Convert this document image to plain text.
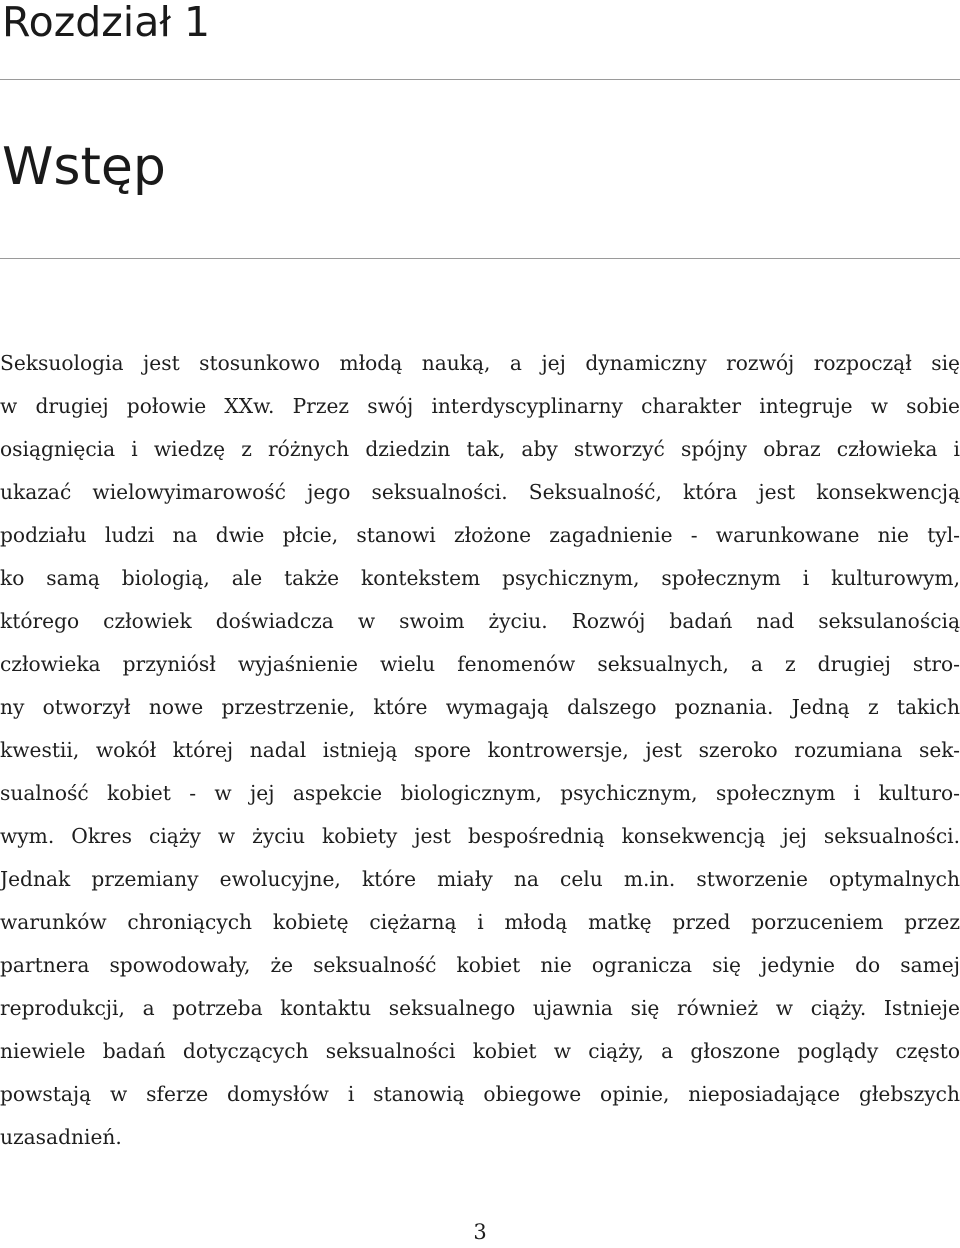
Rozdział 1
Wstęp
Seksuologia jest stosunkowo młodą nauką, a jej dynamiczny rozwój rozpoczął się
w drugiej połowie XXw. Przez swój interdyscyplinarny charakter integruje w sobie
osiągnięcia i wiedzę z różnych dziedzin tak, aby stworzyć spójny obraz człowieka i
ukazać wielowyimarowość jego seksualności. Seksualność, która jest konsekwencją
podziału ludzi na dwie płcie, stanowi złożone zagadnienie - warunkowane nie tyl-
ko samą biologią, ale także kontekstem psychicznym, społecznym i kulturowym,
którego człowiek doświadcza w swoim życiu. Rozwój badań nad seksulanością
człowieka przyniósł wyjaśnienie wielu fenomenów seksualnych, a z drugiej stro-
ny otworzył nowe przestrzenie, które wymagają dalszego poznania. Jedną z takich
kwestii, wokół której nadal istnieją spore kontrowersje, jest szeroko rozumiana sek-
sualność kobiet - w jej aspekcie biologicznym, psychicznym, społecznym i kulturo-
wym. Okres ciąży w życiu kobiety jest bespośrednią konsekwencją jej seksualności.
Jednak przemiany ewolucyjne, które miały na celu m.in. stworzenie optymalnych
warunków chroniących kobietę ciężarną i młodą matkę przed porzuceniem przez
partnera spowodowały, że seksualność kobiet nie ogranicza się jedynie do samej
reprodukcji, a potrzeba kontaktu seksualnego ujawnia się również w ciąży. Istnieje
niewiele badań dotyczących seksualności kobiet w ciąży, a głoszone poglądy często
powstają w sferze domysłów i stanowią obiegowe opinie, nieposiadające głebszych
uzasadnień.
3
